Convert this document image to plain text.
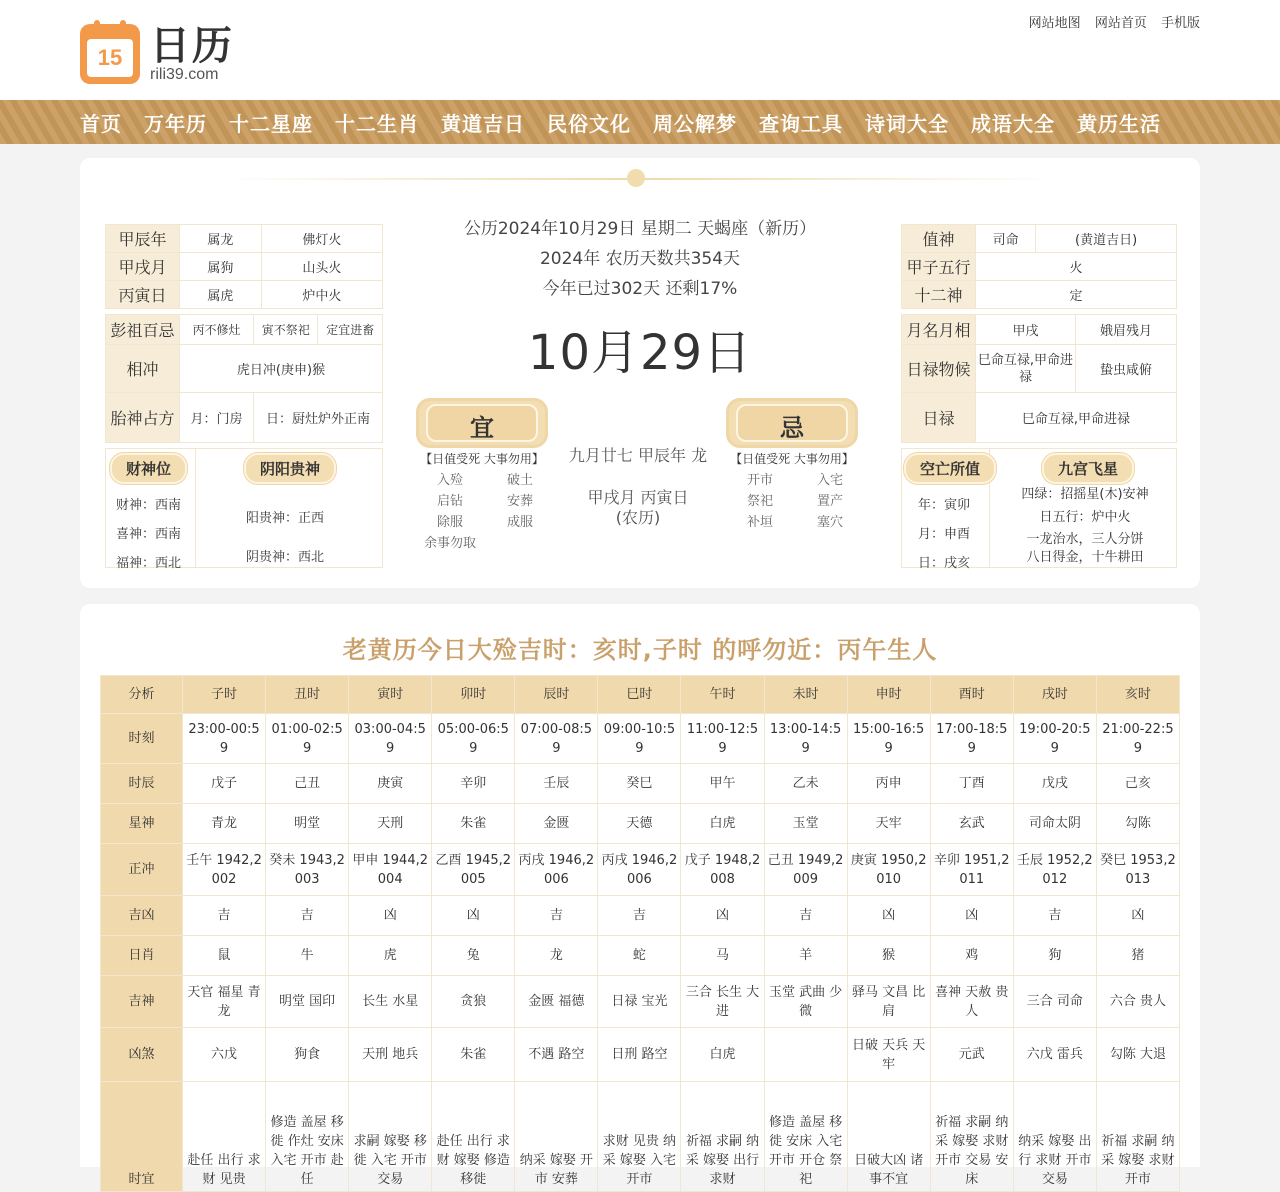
15 日历
rili39.com
网站地图 网站首页 手机版
首页 万年历 十二星座 十二生肖 黄道吉日 民俗文化 周公解梦 查询工具 诗词大全 成语大全 黄历生活
甲辰年	属龙	佛灯火
甲戌月	属狗	山头火
丙寅日	属虎	炉中火
彭祖百忌	丙不修灶	寅不祭祀	定宜进畜
相冲	虎日冲(庚申)猴		
胎神占方	月：门房	日：厨灶炉外正南	
财神位
财神：西南
喜神：西南
福神：西北
阴阳贵神
阳贵神：正西
阴贵神：西北
公历2024年10月29日 星期二 天蝎座（新历）
2024年 农历天数共354天
今年已过302天 还剩17%
10月29日
宜
【日值受死 大事勿用】
入殓	破土
启钻	安葬
除服	成服
余事勿取
九月廿七 甲辰年 龙
甲戌月 丙寅日
(农历)
忌
【日值受死 大事勿用】
开市	入宅
祭祀	置产
补垣	塞穴
值神	司命	(黄道吉日)
甲子五行	火	
十二神	定	
月名月相	甲戌	娥眉残月
日禄物候	巳命互禄,甲命进禄	蛰虫咸俯
日禄	巳命互禄,甲命进禄	
空亡所值
年：寅卯
月：申酉
日：戌亥
九宫飞星
四绿：招摇星(木)安神
日五行：炉中火
一龙治水，三人分饼
八日得金，十牛耕田
老黄历今日大殓吉时：亥时,子时 的呼勿近：丙午生人
分析	子时	丑时	寅时	卯时	辰时	巳时	午时	未时	申时	酉时	戌时	亥时
时刻	23:00-00:59	01:00-02:59	03:00-04:59	05:00-06:59	07:00-08:59	09:00-10:59	11:00-12:59	13:00-14:59	15:00-16:59	17:00-18:59	19:00-20:59	21:00-22:59
时辰	戊子	己丑	庚寅	辛卯	壬辰	癸巳	甲午	乙未	丙申	丁酉	戊戌	己亥
星神	青龙	明堂	天刑	朱雀	金匮	天德	白虎	玉堂	天牢	玄武	司命太阴	勾陈
正冲	壬午 1942,2002	癸未 1943,2003	甲申 1944,2004	乙酉 1945,2005	丙戌 1946,2006	丙戌 1946,2006	戊子 1948,2008	己丑 1949,2009	庚寅 1950,2010	辛卯 1951,2011	壬辰 1952,2012	癸巳 1953,2013
吉凶	吉	吉	凶	凶	吉	吉	凶	吉	凶	凶	吉	凶
日肖	鼠	牛	虎	兔	龙	蛇	马	羊	猴	鸡	狗	猪
吉神	天官 福星 青龙	明堂 国印	长生 水星	贪狼	金匮 福德	日禄 宝光	三合 长生 大进	玉堂 武曲 少微	驿马 文昌 比肩	喜神 天赦 贵人	三合 司命	六合 贵人
凶煞	六戊	狗食	天刑 地兵	朱雀	不遇 路空	日刑 路空	白虎		日破 天兵 天牢	元武	六戊 雷兵	勾陈 大退
时宜	赴任 出行 求财 见贵	修造 盖屋 移徙 作灶 安床 入宅 开市 赴任	求嗣 嫁娶 移徙 入宅 开市 交易	赴任 出行 求财 嫁娶 修造 移徙	纳采 嫁娶 开市 安葬	求财 见贵 纳采 嫁娶 入宅 开市	祈福 求嗣 纳采 嫁娶 出行 求财	修造 盖屋 移徙 安床 入宅 开市 开仓 祭祀	日破大凶 诸事不宜	祈福 求嗣 纳采 嫁娶 求财 开市 交易 安床	纳采 嫁娶 出行 求财 开市 交易	祈福 求嗣 纳采 嫁娶 求财 开市
